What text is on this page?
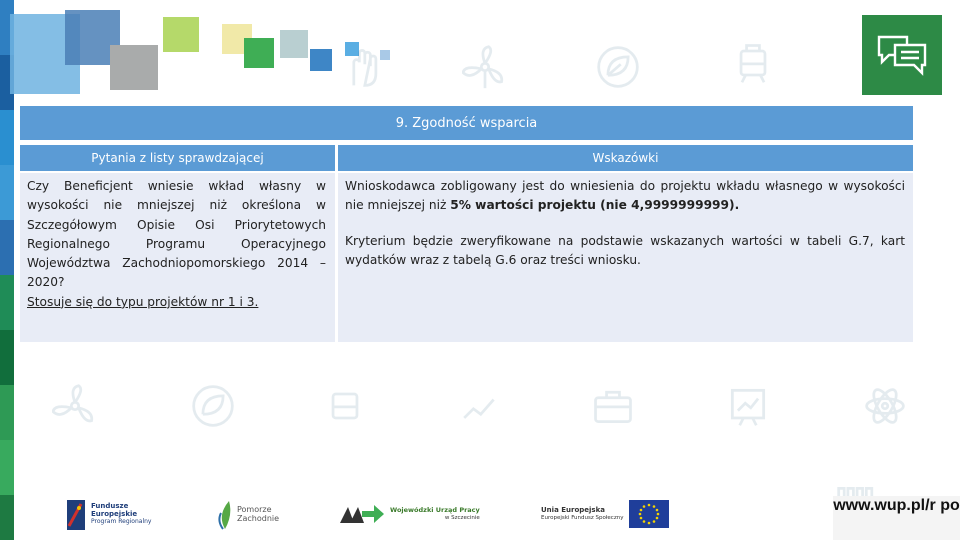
9. Zgodność wsparcia
Pytania z listy sprawdzającej	Wskazówki

Czy Beneficjent wniesie wkład własny w wysokości nie mniejszej niż określona w Szczegółowym Opisie Osi Priorytetowych Regionalnego Programu Operacyjnego Województwa Zachodniopomorskiego 2014 – 2020?

Stosuje się do typu projektów nr 1 i 3.

Wnioskodawca zobligowany jest do wniesienia do projektu wkładu własnego w wysokości nie mniejszej niż 5% wartości projektu (nie 4,9999999999).

Kryterium będzie zweryfikowane na podstawie wskazanych wartości w tabeli G.7, kart wydatków wraz z tabelą G.6 oraz treści wniosku.

Fundusze
Europejskie
Program Regionalny
Pomorze
Zachodnie
Wojewódzki Urząd Pracy
w Szczecinie
Unia Europejska
Europejski Fundusz Społeczny
www.wup.pl/r po
